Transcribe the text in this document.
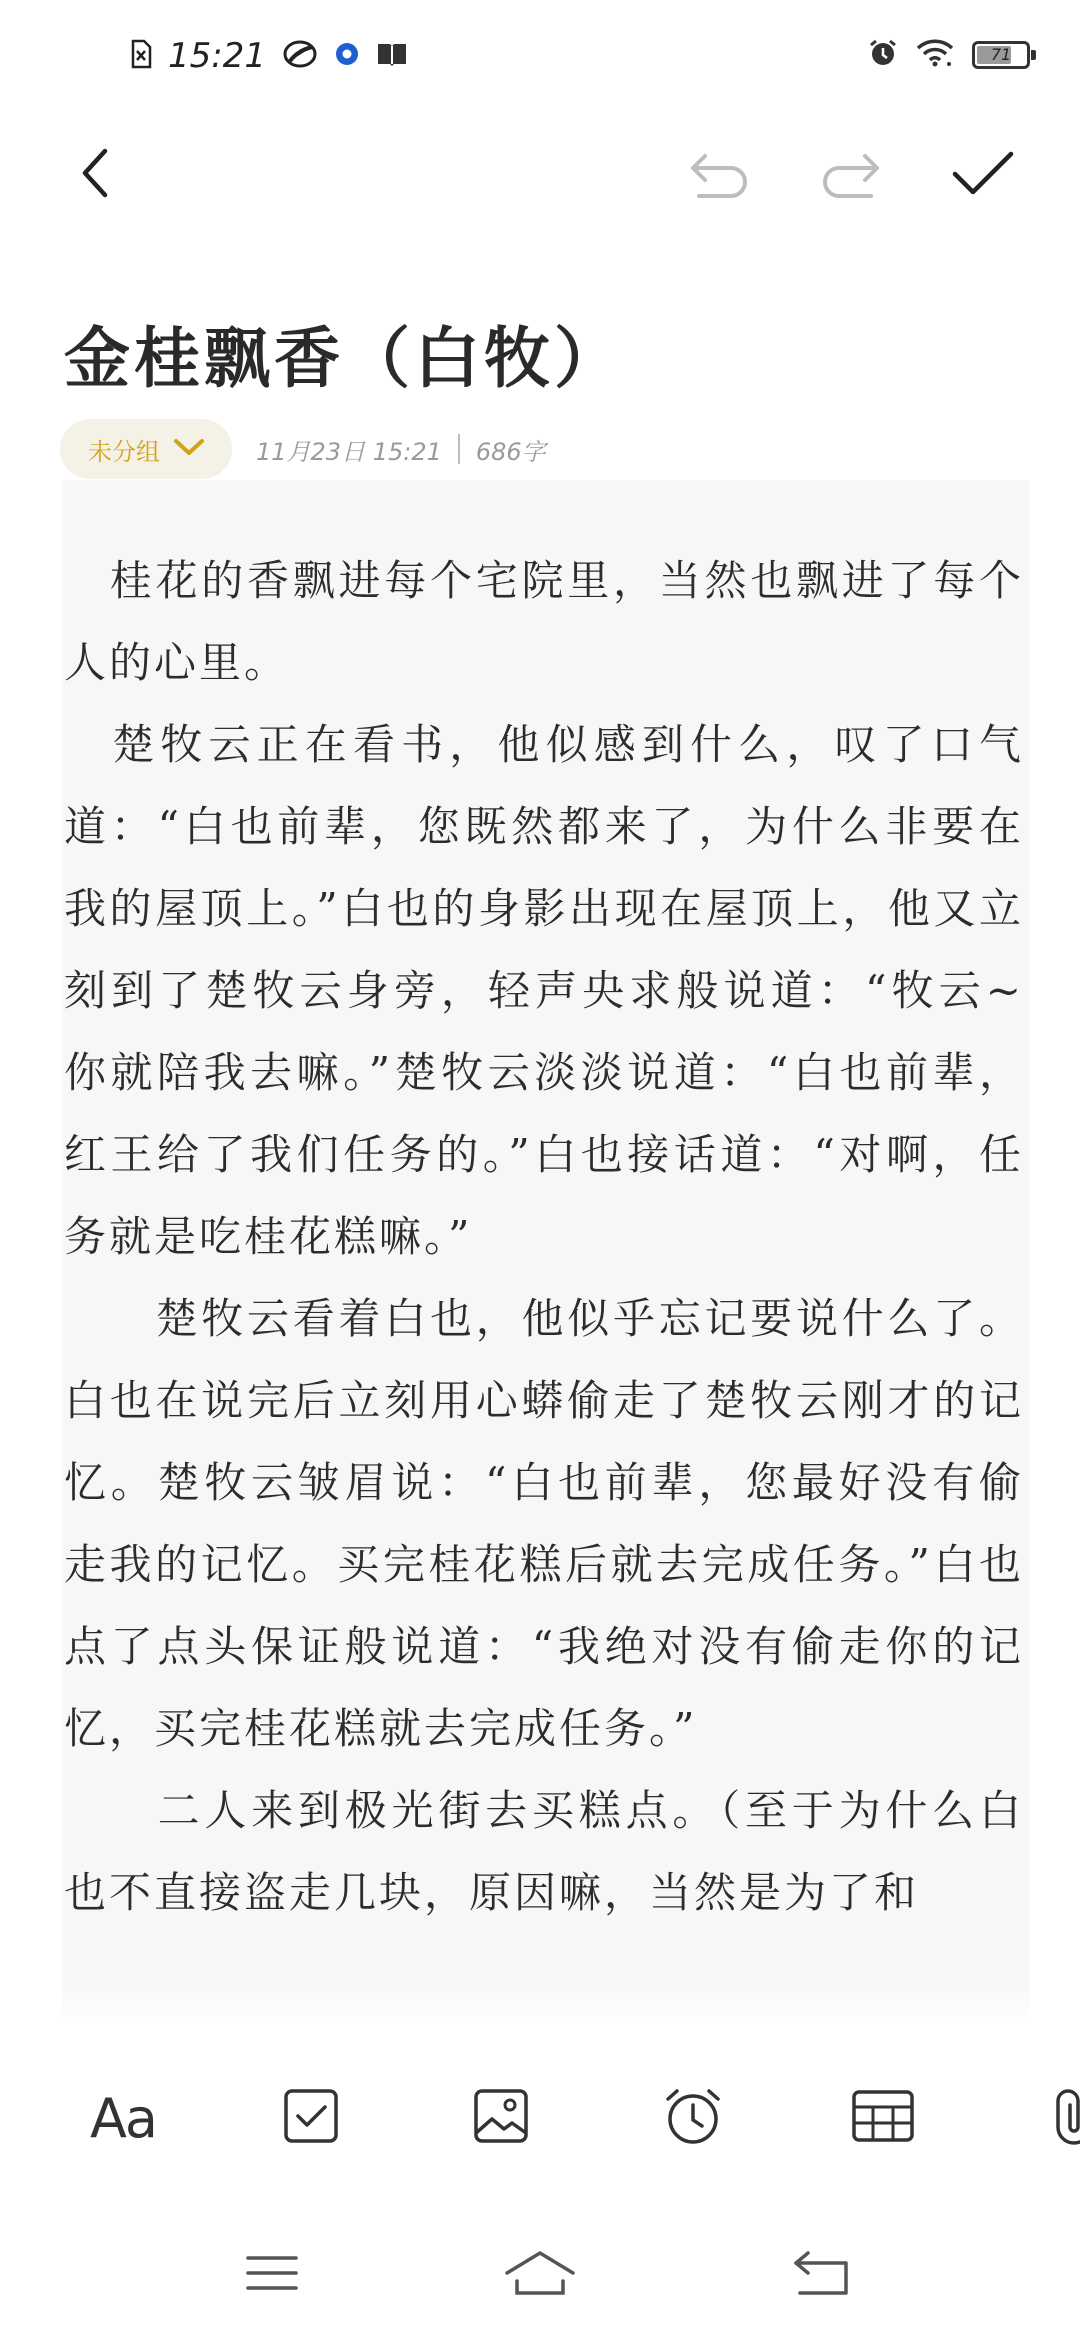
15:21	71
金桂飘香（白牧）
未分组	11月23日 15:21 686字

　桂花的香飘进每个宅院里，当然也飘进了每个人的心里。

　楚牧云正在看书，他似感到什么，叹了口气道：“白也前辈，您既然都来了，为什么非要在我的屋顶上。”白也的身影出现在屋顶上，他又立刻到了楚牧云身旁，轻声央求般说道：“牧云~你就陪我去嘛。”楚牧云淡淡说道：“白也前辈，红王给了我们任务的。”白也接话道：“对啊，任务就是吃桂花糕嘛。”

　　楚牧云看着白也，他似乎忘记要说什么了。白也在说完后立刻用心蟒偷走了楚牧云刚才的记忆。楚牧云皱眉说：“白也前辈，您最好没有偷走我的记忆。买完桂花糕后就去完成任务。”白也点了点头保证般说道：“我绝对没有偷走你的记忆，买完桂花糕就去完成任务。”

　　二人来到极光街去买糕点。（至于为什么白也不直接盗走几块，原因嘛，当然是为了和

Aa
